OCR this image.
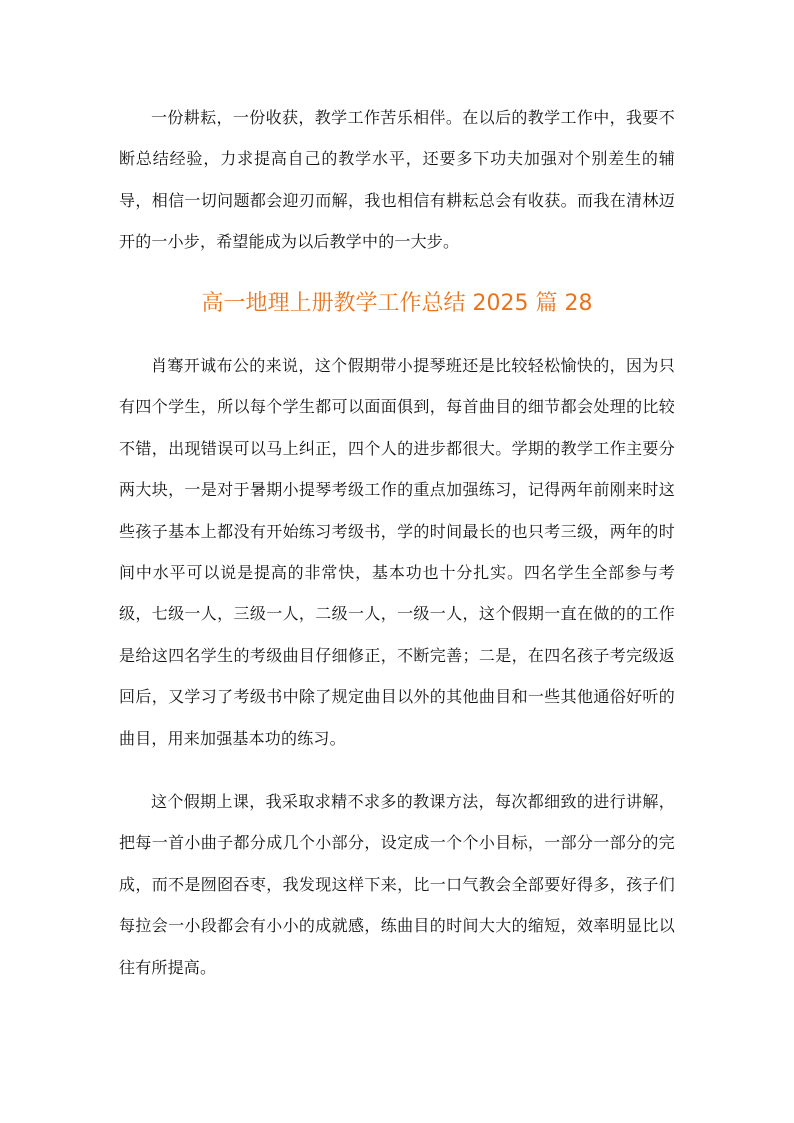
一份耕耘，一份收获，教学工作苦乐相伴。在以后的教学工作中，我要不断总结经验，力求提高自己的教学水平，还要多下功夫加强对个别差生的辅导，相信一切问题都会迎刃而解，我也相信有耕耘总会有收获。而我在清林迈开的一小步，希望能成为以后教学中的一大步。

高一地理上册教学工作总结 2025 篇 28

肖骞开诚布公的来说，这个假期带小提琴班还是比较轻松愉快的，因为只有四个学生，所以每个学生都可以面面俱到，每首曲目的细节都会处理的比较不错，出现错误可以马上纠正，四个人的进步都很大。学期的教学工作主要分两大块，一是对于暑期小提琴考级工作的重点加强练习，记得两年前刚来时这些孩子基本上都没有开始练习考级书，学的时间最长的也只考三级，两年的时间中水平可以说是提高的非常快，基本功也十分扎实。四名学生全部参与考级，七级一人，三级一人，二级一人，一级一人，这个假期一直在做的的工作是给这四名学生的考级曲目仔细修正，不断完善；二是，在四名孩子考完级返回后，又学习了考级书中除了规定曲目以外的其他曲目和一些其他通俗好听的曲目，用来加强基本功的练习。

这个假期上课，我采取求精不求多的教课方法，每次都细致的进行讲解，把每一首小曲子都分成几个小部分，设定成一个个小目标，一部分一部分的完成，而不是囫囵吞枣，我发现这样下来，比一口气教会全部要好得多，孩子们每拉会一小段都会有小小的成就感，练曲目的时间大大的缩短，效率明显比以往有所提高。
